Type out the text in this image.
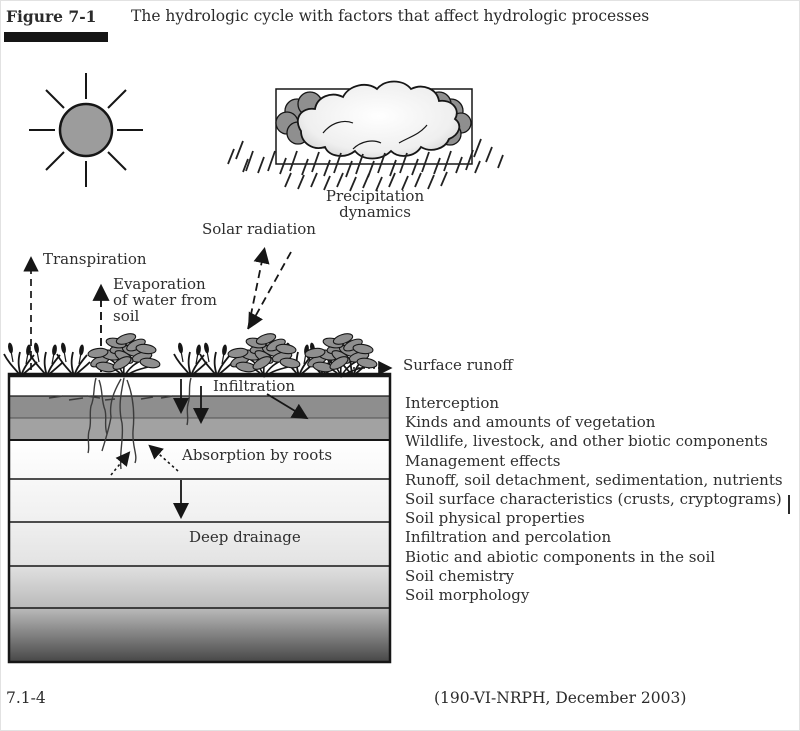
Figure 7-1 The hydrologic cycle with factors that affect hydrologic processes
Precipitation
dynamics
Solar radiation
Transpiration
Evaporation
of water from
soil
Surface runoff
Infiltration
Absorption by roots
Deep drainage
Interception
Kinds and amounts of vegetation
Wildlife, livestock, and other biotic components
Management effects
Runoff, soil detachment, sedimentation, nutrients
Soil surface characteristics (crusts, cryptograms)
Soil physical properties
Infiltration and percolation
Biotic and abiotic components in the soil
Soil chemistry
Soil morphology
7.1-4	(190-VI-NRPH, December 2003)
